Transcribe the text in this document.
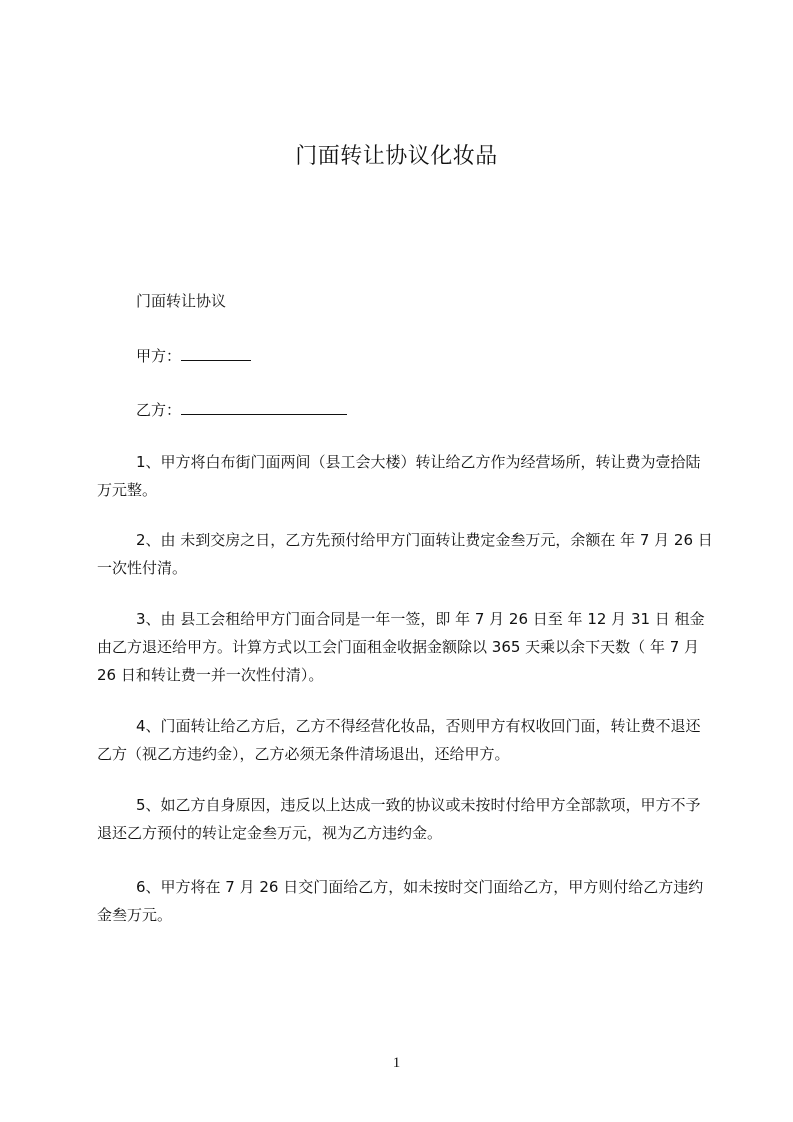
门面转让协议化妆品
门面转让协议
甲方：
乙方：
1、甲方将白布街门面两间（县工会大楼）转让给乙方作为经营场所，转让费为壹拾陆万元整。
2、由 未到交房之日，乙方先预付给甲方门面转让费定金叁万元，余额在 年 7 月 26 日一次性付清。
3、由 县工会租给甲方门面合同是一年一签，即 年 7 月 26 日至 年 12 月 31 日 租金由乙方退还给甲方。计算方式以工会门面租金收据金额除以 365 天乘以余下天数（ 年 7 月 26 日和转让费一并一次性付清）。
4、门面转让给乙方后，乙方不得经营化妆品，否则甲方有权收回门面，转让费不退还乙方（视乙方违约金），乙方必须无条件清场退出，还给甲方。
5、如乙方自身原因，违反以上达成一致的协议或未按时付给甲方全部款项，甲方不予退还乙方预付的转让定金叁万元，视为乙方违约金。
6、甲方将在 7 月 26 日交门面给乙方，如未按时交门面给乙方，甲方则付给乙方违约金叁万元。
1
